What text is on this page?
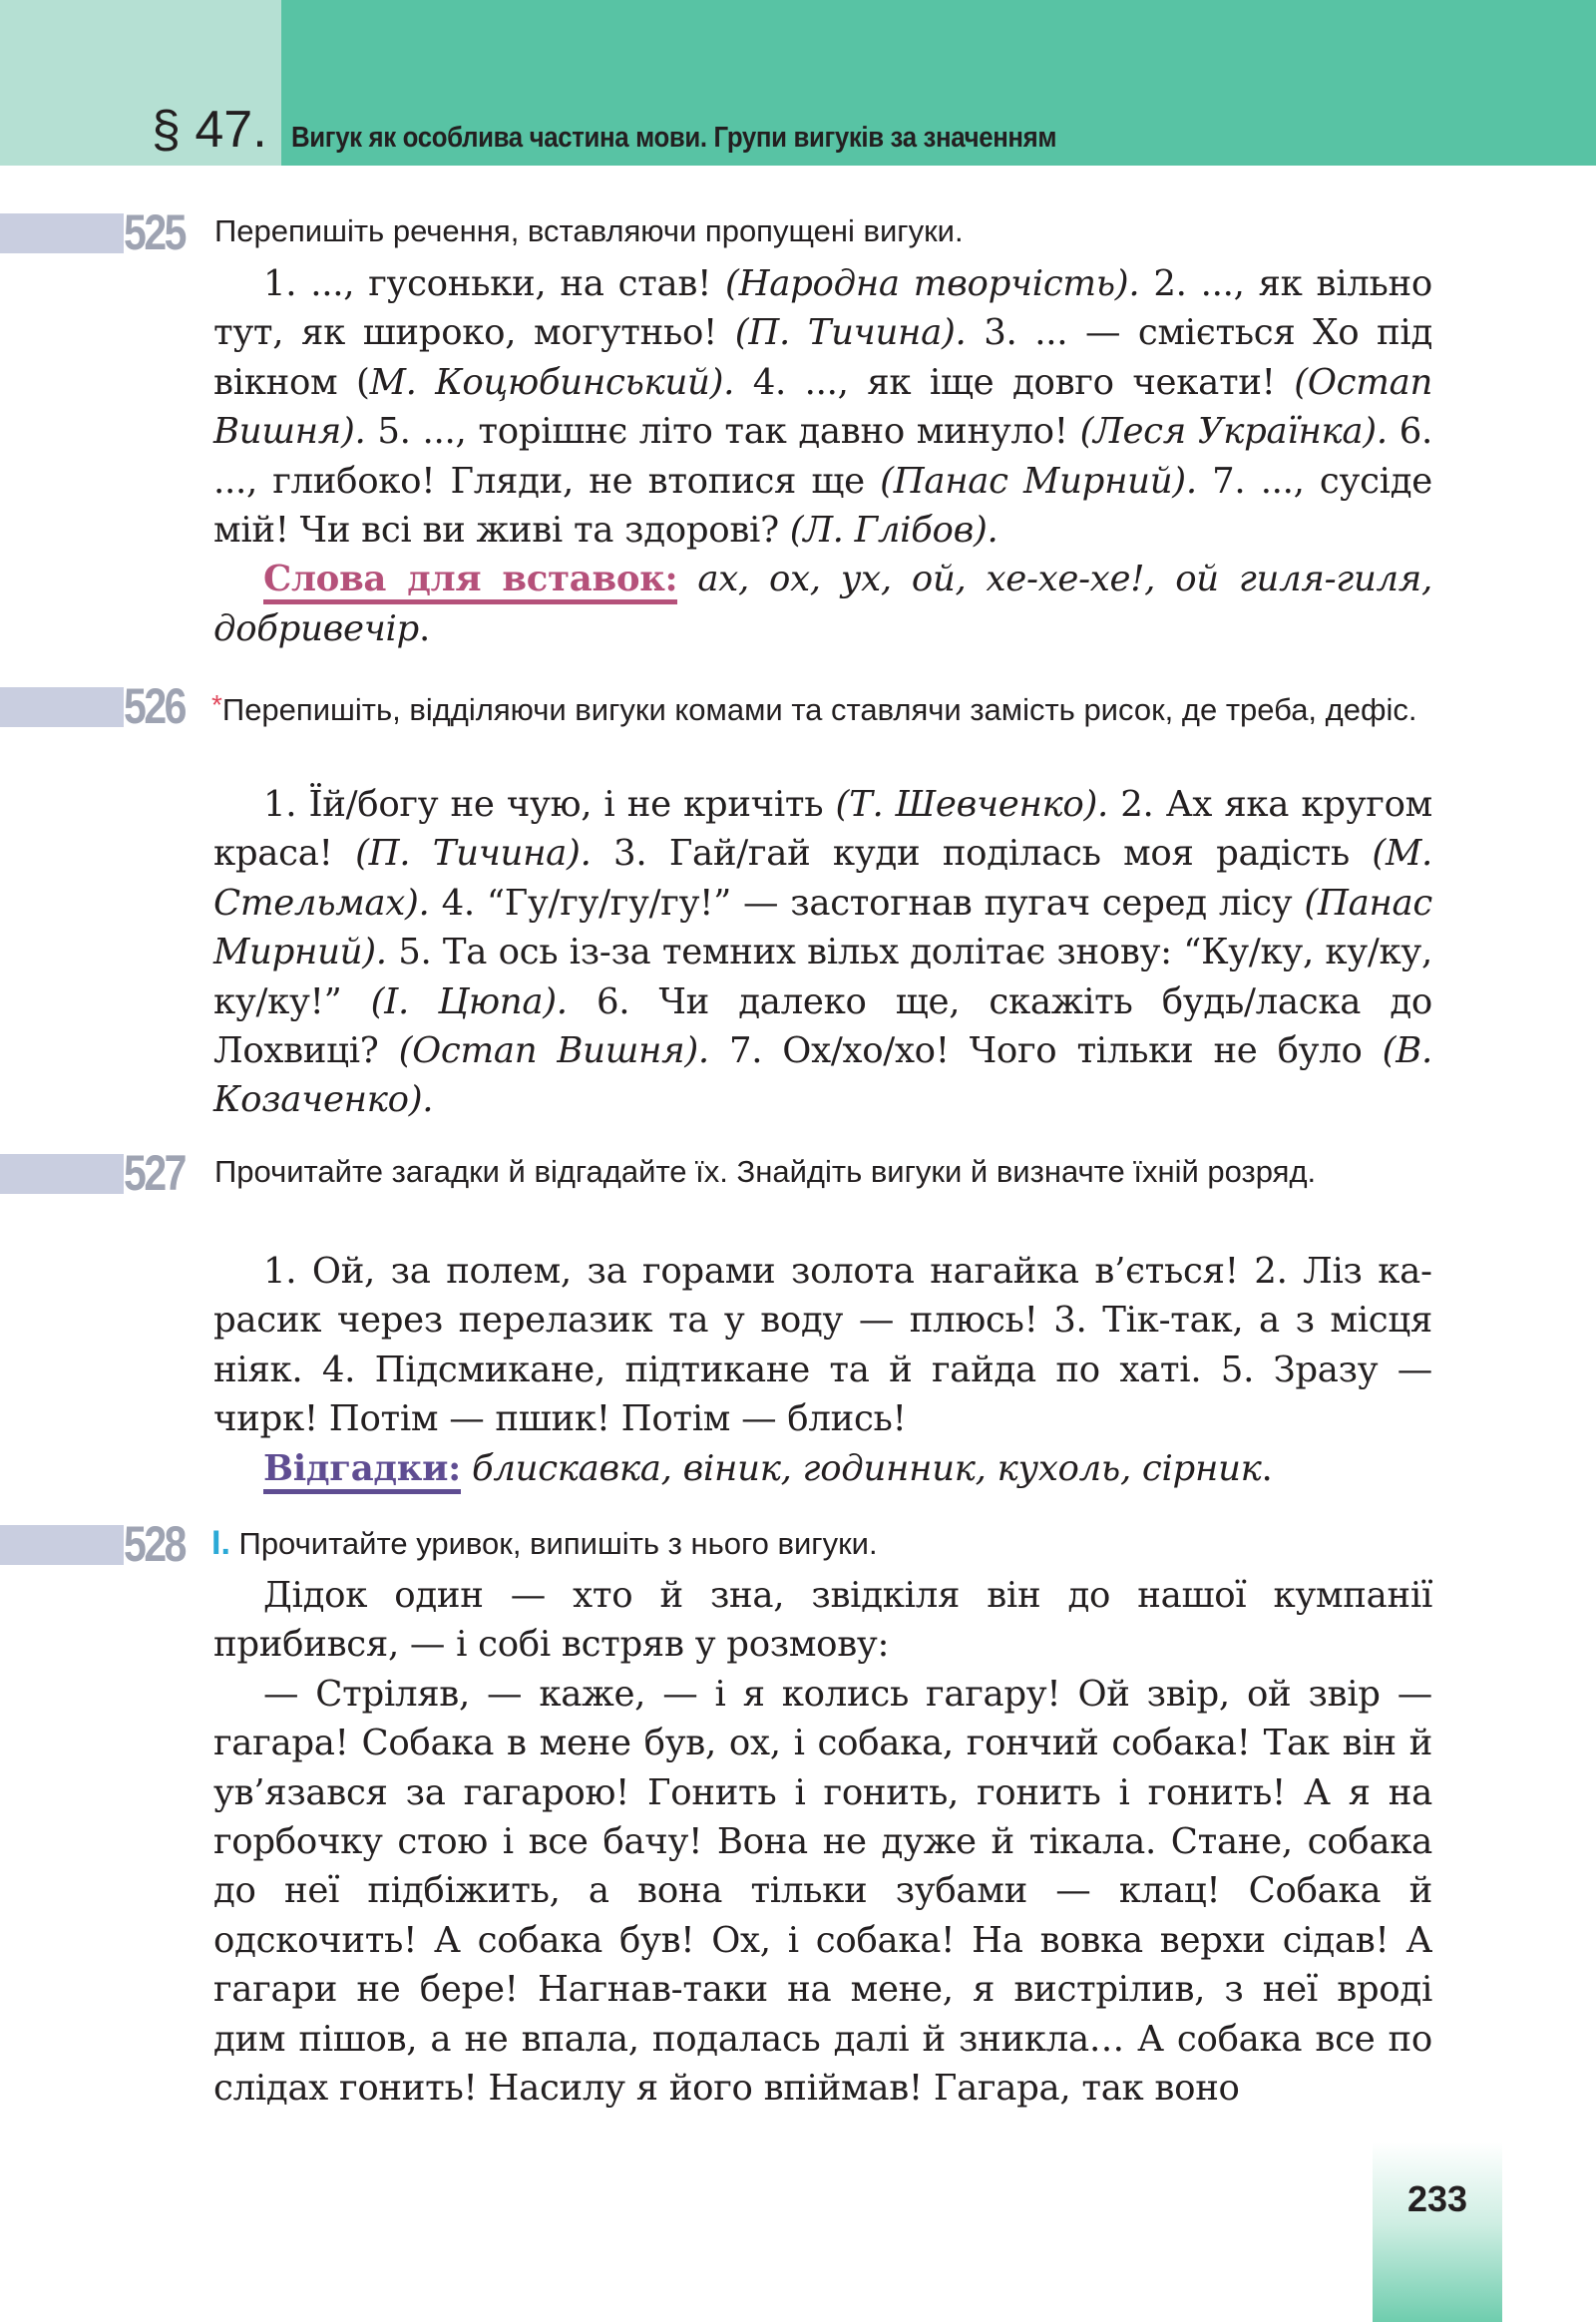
§ 47. Вигук як особлива частина мови. Групи вигуків за значенням
525 Перепишіть речення, вставляючи пропущені вигуки.

1. ..., гусоньки, на став! (Народна творчість). 2. ..., як вільно тут, як широко, могутньо! (П. Тичина). 3. ... — сміється Хо під вікном (М. Коцюбинський). 4. ..., як іще довго чекати! (Остап Вишня). 5. ..., торішнє літо так давно минуло! (Леся Українка). 6. ..., глибоко! Гляди, не втопися ще (Панас Мирний). 7. ..., сусіде мій! Чи всі ви живі та здорові? (Л. Глібов).

Слова для вставок: ах, ох, ух, ой, хе-хе-хе!, ой гиля-гиля, добривечір.

526 *Перепишіть, відділяючи вигуки комами та ставлячи замість рисок, де треба, дефіс.

1. Їй/богу не чую, і не кричіть (Т. Шевченко). 2. Ах яка кругом краса! (П. Тичина). 3. Гай/гай куди поділась моя радість (М. Стельмах). 4. “Гу/гу/гу/гу!” — застогнав пугач серед лісу (Панас Мирний). 5. Та ось із-за темних вільх долітає знову: “Ку/ку, ку/ку, ку/ку!” (І. Цюпа). 6. Чи далеко ще, скажіть будь/ласка до Лохвиці? (Остап Вишня). 7. Ох/хо/хо! Чого тільки не було (В. Козаченко).

527 Прочитайте загадки й відгадайте їх. Знайдіть вигуки й визначте їхній розряд.

1. Ой, за полем, за горами золота нагайка в’ється! 2. Ліз карасик через перелазик та у воду — плюсь! 3. Тік-так, а з місця ніяк. 4. Підсмикане, підтикане та й гайда по хаті. 5. Зразу — чирк! Потім — пшик! Потім — блись!

Відгадки: блискавка, віник, годинник, кухоль, сірник.

528 І. Прочитайте уривок, випишіть з нього вигуки.

Дідок один — хто й зна, звідкіля він до нашої кумпанії прибився, — і собі встряв у розмову:

— Стріляв, — каже, — і я колись гагару! Ой звір, ой звір — гагара! Собака в мене був, ох, і собака, гончий собака! Так він й ув’язався за гагарою! Гонить і гонить, гонить і гонить! А я на горбочку стою і все бачу! Вона не дуже й тікала. Стане, собака до неї підбіжить, а вона тільки зубами — клац! Собака й одскочить! А собака був! Ох, і собака! На вовка верхи сідав! А гагари не бере! Нагнав-таки на мене, я вистрілив, з неї вроді дим пішов, а не впала, подалась далі й зникла… А собака все по слідах гонить! Насилу я його впіймав! Гагара, так воно

233
